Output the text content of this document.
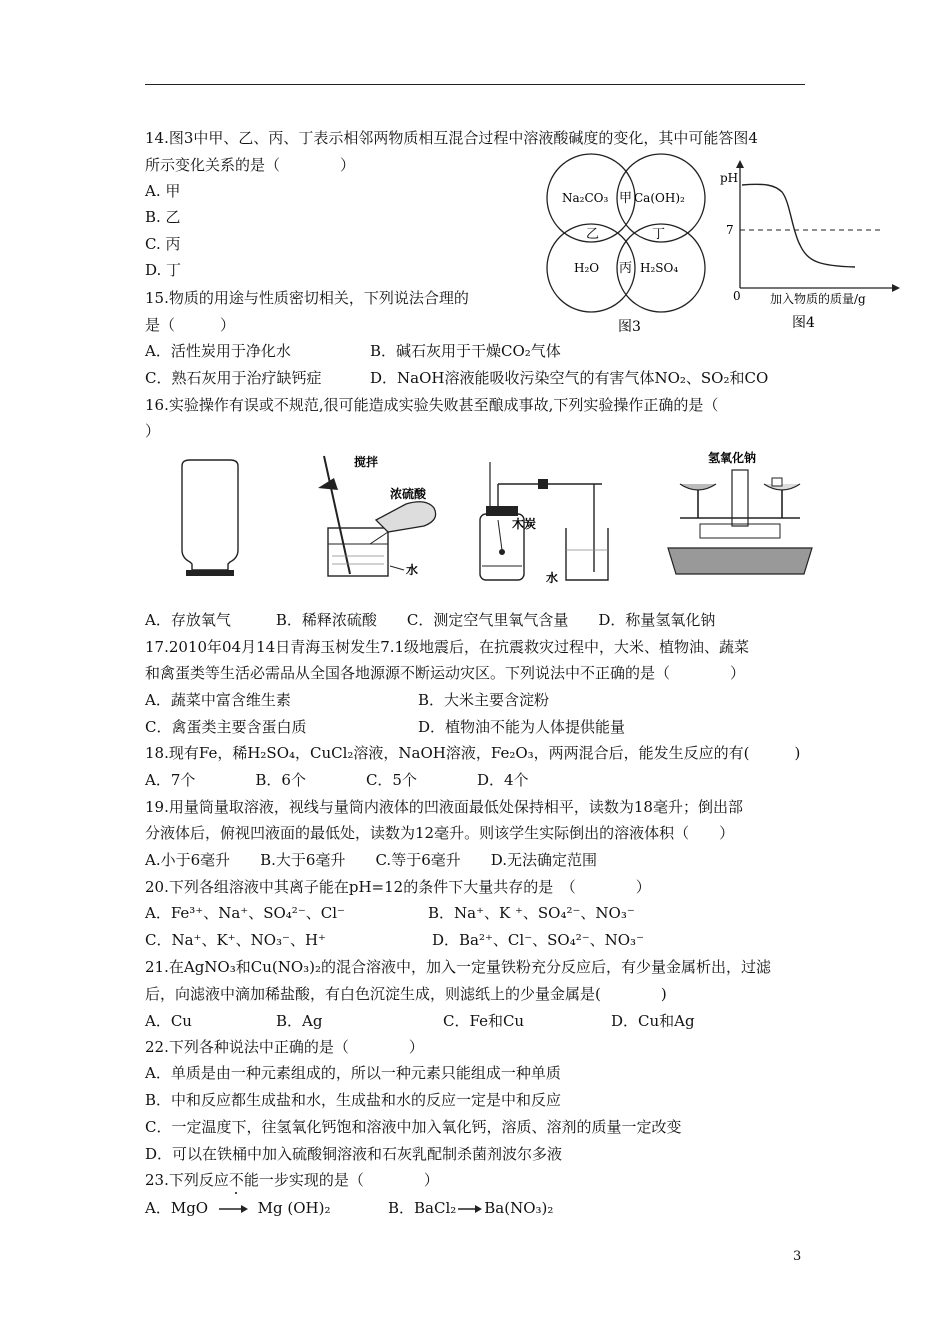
14.图3中甲、乙、丙、丁表示相邻两物质相互混合过程中溶液酸碱度的变化，其中可能答图4
所示变化关系的是（　　　　）
A. 甲
B. 乙
C. 丙
D. 丁
Na₂CO₃ Ca(OH)₂
H₂O	H₂SO₄
甲
乙
丙
丁
图3
pH
7
0 加入物质的质量/g
图4
15.物质的用途与性质密切相关，下列说法合理的
是（　　　）
A．活性炭用于净化水	B．碱石灰用于干燥CO₂气体
C．熟石灰用于治疗缺钙症	D．NaOH溶液能吸收污染空气的有害气体NO₂、SO₂和CO
16.实验操作有误或不规范,很可能造成实验失败甚至酿成事故,下列实验操作正确的是（
）
搅拌
浓硫酸
水
木炭
水
氢氧化钠
A．存放氧气　　　B．稀释浓硫酸　　C．测定空气里氧气含量　　D．称量氢氧化钠
17.2010年04月14日青海玉树发生7.1级地震后，在抗震救灾过程中，大米、植物油、蔬菜
和禽蛋类等生活必需品从全国各地源源不断运动灾区。下列说法中不正确的是（　　　　）
A．蔬菜中富含维生素	B．大米主要含淀粉
C．禽蛋类主要含蛋白质	D．植物油不能为人体提供能量
18.现有Fe，稀H₂SO₄，CuCl₂溶液，NaOH溶液，Fe₂O₃，两两混合后，能发生反应的有(　　　)
A．7个　　　　B．6个　　　　C．5个　　　　D．4个
19.用量筒量取溶液，视线与量筒内液体的凹液面最低处保持相平，读数为18毫升；倒出部
分液体后，俯视凹液面的最低处，读数为12毫升。则该学生实际倒出的溶液体积（　　）
A.小于6毫升　　B.大于6毫升　　C.等于6毫升　　D.无法确定范围
20.下列各组溶液中其离子能在pH=12的条件下大量共存的是　（　　　　）
A．Fe³⁺、Na⁺、SO₄²⁻、Cl⁻	B．Na⁺、K ⁺、SO₄²⁻、NO₃⁻
C．Na⁺、K⁺、NO₃⁻、H⁺	D．Ba²⁺、Cl⁻、SO₄²⁻、NO₃⁻
21.在AgNO₃和Cu(NO₃)₂的混合溶液中，加入一定量铁粉充分反应后，有少量金属析出，过滤
后，向滤液中滴加稀盐酸，有白色沉淀生成，则滤纸上的少量金属是(　　　　)
A．Cu	B．Ag	C．Fe和Cu	D．Cu和Ag
22.下列各种说法中正确的是（　　　　）
A．单质是由一种元素组成的，所以一种元素只能组成一种单质
B．中和反应都生成盐和水，生成盐和水的反应一定是中和反应
C．一定温度下，往氢氧化钙饱和溶液中加入氧化钙，溶质、溶剂的质量一定改变
D．可以在铁桶中加入硫酸铜溶液和石灰乳配制杀菌剂波尔多液
23.下列反应不能一步实现的是（　　　　）
A．MgO	Mg (OH)₂	B．BaCl₂ Ba(NO₃)₂
3
